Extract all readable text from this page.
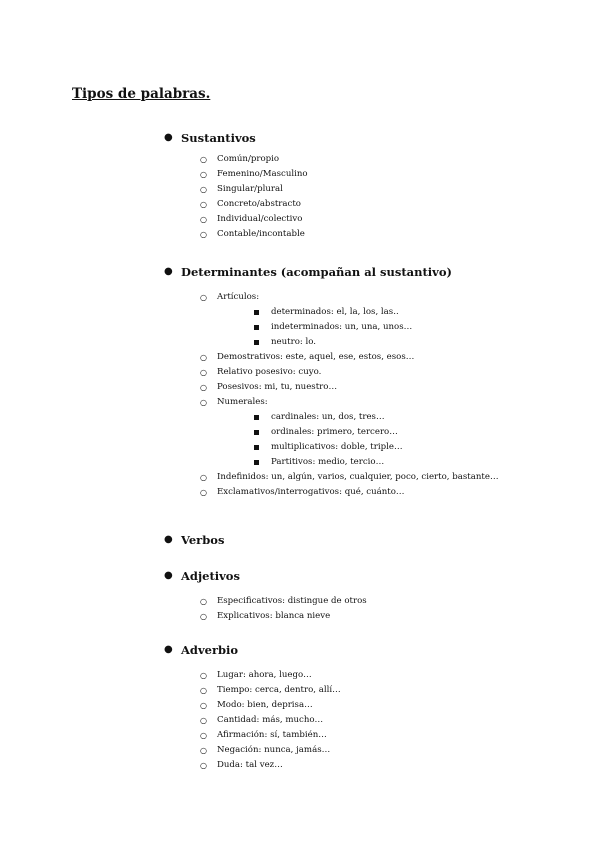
Tipos de palabras.
● Sustantivos
○ Común/propio
○ Femenino/Masculino
○ Singular/plural
○ Concreto/abstracto
○ Individual/colectivo
○ Contable/incontable
● Determinantes (acompañan al sustantivo)
○ Artículos:
determinados: el, la, los, las..
indeterminados: un, una, unos…
neutro: lo.
○ Demostrativos: este, aquel, ese, estos, esos…
○ Relativo posesivo: cuyo.
○ Posesivos: mi, tu, nuestro…
○ Numerales:
cardinales: un, dos, tres…
ordinales: primero, tercero…
multiplicativos: doble, triple…
Partitivos: medio, tercio…
○ Indefinidos: un, algún, varios, cualquier, poco, cierto, bastante…
○ Exclamativos/interrogativos: qué, cuánto…
● Verbos
● Adjetivos
○ Especificativos: distingue de otros
○ Explicativos: blanca nieve
● Adverbio
○ Lugar: ahora, luego…
○ Tiempo: cerca, dentro, allí…
○ Modo: bien, deprisa…
○ Cantidad: más, mucho…
○ Afirmación: sí, también…
○ Negación: nunca, jamás…
○ Duda: tal vez…
